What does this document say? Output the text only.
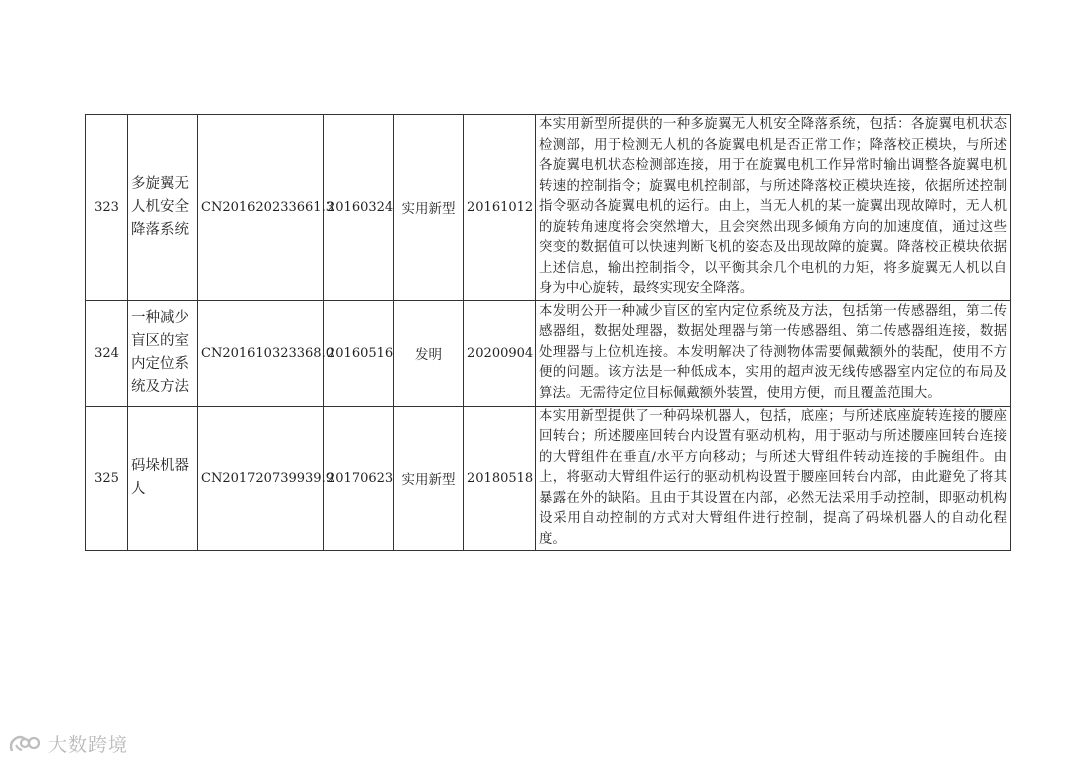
323	多旋翼无人机安全降落系统	CN201620233661.3	20160324	实用新型	20161012	本实用新型所提供的一种多旋翼无人机安全降落系统，包括：各旋翼电机状态检测部，用于检测无人机的各旋翼电机是否正常工作；降落校正模块，与所述各旋翼电机状态检测部连接，用于在旋翼电机工作异常时输出调整各旋翼电机转速的控制指令；旋翼电机控制部，与所述降落校正模块连接，依据所述控制指令驱动各旋翼电机的运行。由上，当无人机的某一旋翼出现故障时，无人机的旋转角速度将会突然增大，且会突然出现多倾角方向的加速度值，通过这些突变的数据值可以快速判断飞机的姿态及出现故障的旋翼。降落校正模块依据上述信息，输出控制指令，以平衡其余几个电机的力矩，将多旋翼无人机以自身为中心旋转，最终实现安全降落。
324	一种减少盲区的室内定位系统及方法	CN201610323368.0	20160516	发明	20200904	本发明公开一种减少盲区的室内定位系统及方法，包括第一传感器组，第二传感器组，数据处理器，数据处理器与第一传感器组、第二传感器组连接，数据处理器与上位机连接。本发明解决了待测物体需要佩戴额外的装配，使用不方便的问题。该方法是一种低成本，实用的超声波无线传感器室内定位的布局及算法。无需待定位目标佩戴额外装置，使用方便，而且覆盖范围大。
325	码垛机器人	CN201720739939.9	20170623	实用新型	20180518	本实用新型提供了一种码垛机器人，包括，底座；与所述底座旋转连接的腰座回转台；所述腰座回转台内设置有驱动机构，用于驱动与所述腰座回转台连接的大臂组件在垂直/水平方向移动；与所述大臂组件转动连接的手腕组件。由上，将驱动大臂组件运行的驱动机构设置于腰座回转台内部，由此避免了将其暴露在外的缺陷。且由于其设置在内部，必然无法采用手动控制，即驱动机构设采用自动控制的方式对大臂组件进行控制，提高了码垛机器人的自动化程度。
大数跨境
